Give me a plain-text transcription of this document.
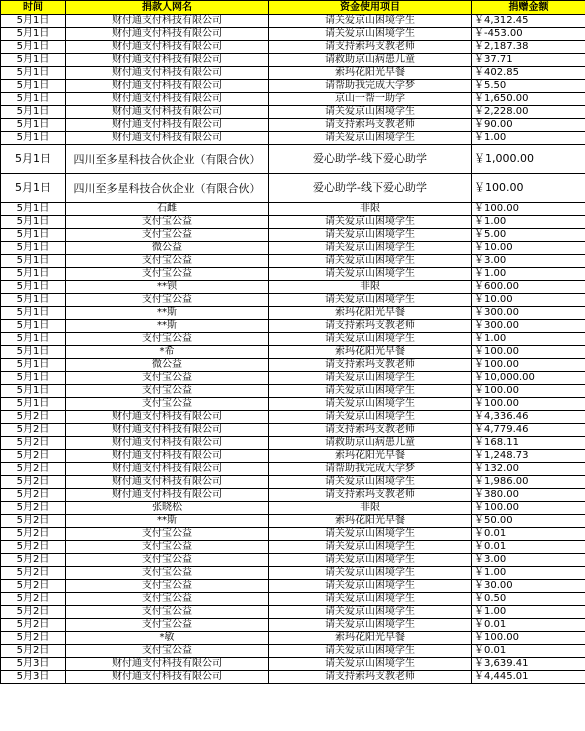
时间	捐款人网名	资金使用项目	捐赠金额
5月1日	财付通支付科技有限公司	请关爱京山困境学生	￥4,312.45
5月1日	财付通支付科技有限公司	请关爱京山困境学生	￥-453.00
5月1日	财付通支付科技有限公司	请支持索玛支教老师	￥2,187.38
5月1日	财付通支付科技有限公司	请救助京山病患儿童	￥37.71
5月1日	财付通支付科技有限公司	索玛花阳光早餐	￥402.85
5月1日	财付通支付科技有限公司	请帮助我完成大学梦	￥5.50
5月1日	财付通支付科技有限公司	京山一帮一助学	￥1,650.00
5月1日	财付通支付科技有限公司	请关爱京山困境学生	￥2,228.00
5月1日	财付通支付科技有限公司	请支持索玛支教老师	￥90.00
5月1日	财付通支付科技有限公司	请关爱京山困境学生	￥1.00
5月1日	四川至多星科技合伙企业（有限合伙）	爱心助学-线下爱心助学	￥1,000.00
5月1日	四川至多星科技合伙企业（有限合伙）	爱心助学-线下爱心助学	￥100.00
5月1日	石雌	非限	￥100.00
5月1日	支付宝公益	请关爱京山困境学生	￥1.00
5月1日	支付宝公益	请关爱京山困境学生	￥5.00
5月1日	微公益	请关爱京山困境学生	￥10.00
5月1日	支付宝公益	请关爱京山困境学生	￥3.00
5月1日	支付宝公益	请关爱京山困境学生	￥1.00
5月1日	**钡	非限	￥600.00
5月1日	支付宝公益	请关爱京山困境学生	￥10.00
5月1日	**斯	索玛花阳光早餐	￥300.00
5月1日	**斯	请支持索玛支教老师	￥300.00
5月1日	支付宝公益	请关爱京山困境学生	￥1.00
5月1日	*希	索玛花阳光早餐	￥100.00
5月1日	微公益	请支持索玛支教老师	￥100.00
5月1日	支付宝公益	请关爱京山困境学生	￥10,000.00
5月1日	支付宝公益	请关爱京山困境学生	￥100.00
5月1日	支付宝公益	请关爱京山困境学生	￥100.00
5月2日	财付通支付科技有限公司	请关爱京山困境学生	￥4,336.46
5月2日	财付通支付科技有限公司	请支持索玛支教老师	￥4,779.46
5月2日	财付通支付科技有限公司	请救助京山病患儿童	￥168.11
5月2日	财付通支付科技有限公司	索玛花阳光早餐	￥1,248.73
5月2日	财付通支付科技有限公司	请帮助我完成大学梦	￥132.00
5月2日	财付通支付科技有限公司	请关爱京山困境学生	￥1,986.00
5月2日	财付通支付科技有限公司	请支持索玛支教老师	￥380.00
5月2日	张晓松	非限	￥100.00
5月2日	**斯	索玛花阳光早餐	￥50.00
5月2日	支付宝公益	请关爱京山困境学生	￥0.01
5月2日	支付宝公益	请关爱京山困境学生	￥0.01
5月2日	支付宝公益	请关爱京山困境学生	￥3.00
5月2日	支付宝公益	请关爱京山困境学生	￥1.00
5月2日	支付宝公益	请关爱京山困境学生	￥30.00
5月2日	支付宝公益	请关爱京山困境学生	￥0.50
5月2日	支付宝公益	请关爱京山困境学生	￥1.00
5月2日	支付宝公益	请关爱京山困境学生	￥0.01
5月2日	*敏	索玛花阳光早餐	￥100.00
5月2日	支付宝公益	请关爱京山困境学生	￥0.01
5月3日	财付通支付科技有限公司	请关爱京山困境学生	￥3,639.41
5月3日	财付通支付科技有限公司	请支持索玛支教老师	￥4,445.01
